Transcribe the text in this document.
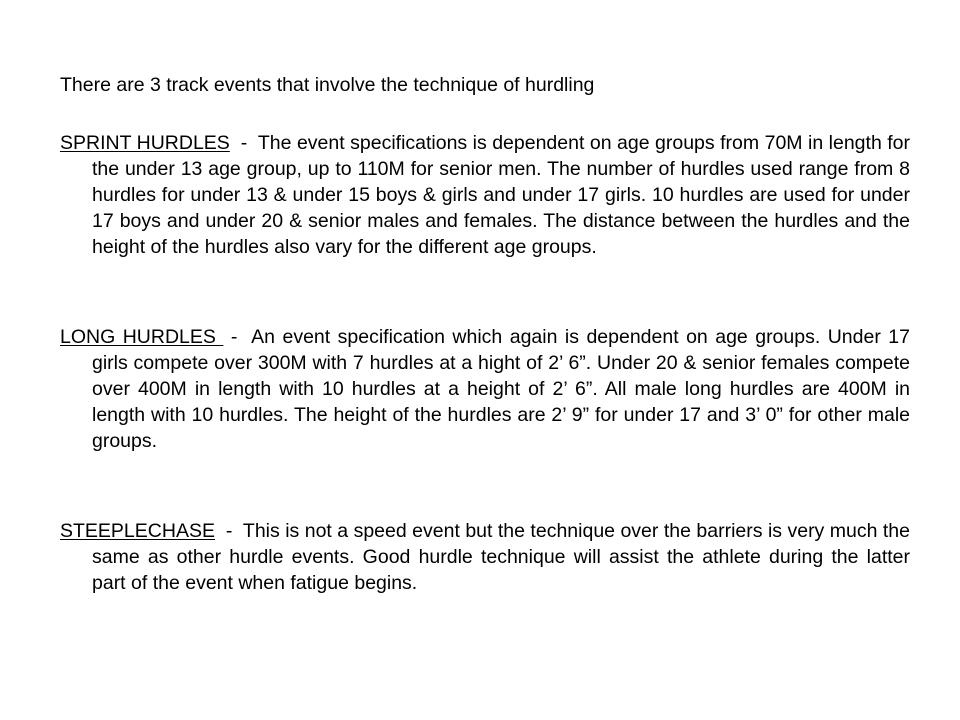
There are 3 track events that involve the technique of hurdling

SPRINT HURDLES  -  The event specifications is dependent on age groups from 70M in length for the under 13 age group, up to 110M for senior men. The number of hurdles used range from 8 hurdles for under 13 & under 15 boys & girls and under 17 girls. 10 hurdles are used for under 17 boys and under 20 & senior males and females. The distance between the hurdles and the height of the hurdles also vary for the different age groups.

LONG HURDLES  -  An event specification which again is dependent on age groups. Under 17 girls compete over 300M with 7 hurdles at a hight of 2’ 6”. Under 20 & senior females compete over 400M in length with 10 hurdles at a height of 2’ 6”. All male long hurdles are 400M in length with 10 hurdles. The height of the hurdles are 2’ 9” for under 17 and 3’ 0” for other male groups.

STEEPLECHASE  -  This is not a speed event but the technique over the barriers is very much the same as other hurdle events. Good hurdle technique will assist the athlete during the latter part of the event when fatigue begins.
